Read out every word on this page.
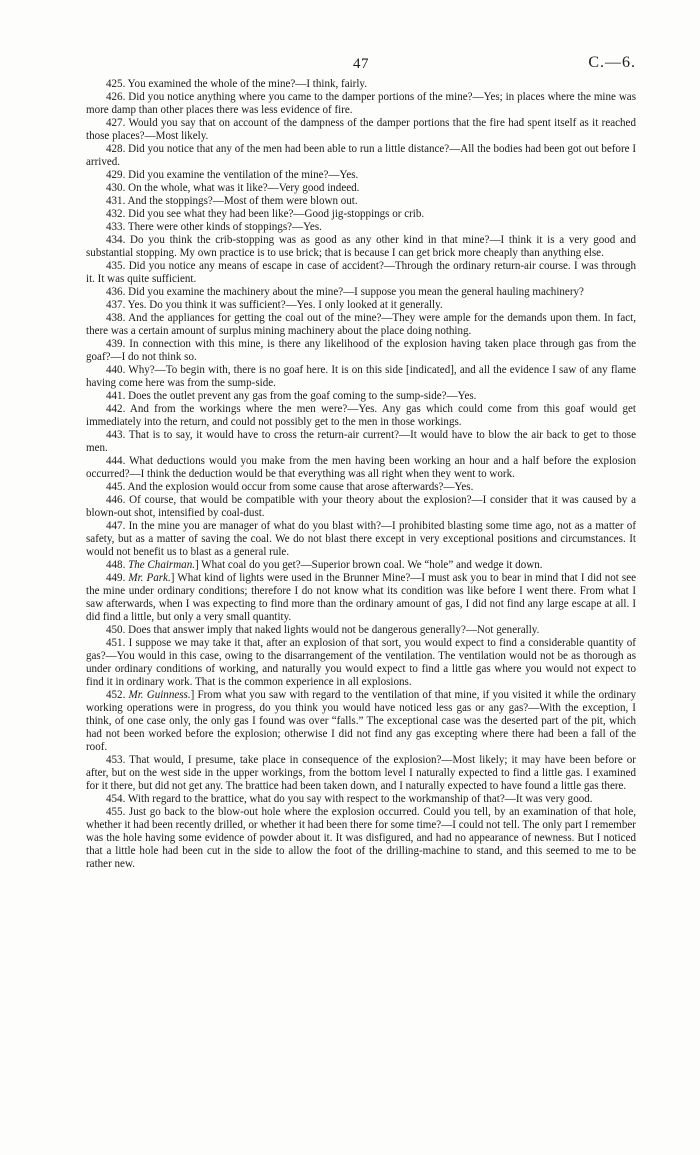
47	C.—6.

425. You examined the whole of the mine?—I think, fairly.

426. Did you notice anything where you came to the damper portions of the mine?—Yes; in places where the mine was more damp than other places there was less evidence of fire.

427. Would you say that on account of the dampness of the damper portions that the fire had spent itself as it reached those places?—Most likely.

428. Did you notice that any of the men had been able to run a little distance?—All the bodies had been got out before I arrived.

429. Did you examine the ventilation of the mine?—Yes.

430. On the whole, what was it like?—Very good indeed.

431. And the stoppings?—Most of them were blown out.

432. Did you see what they had been like?—Good jig-stoppings or crib.

433. There were other kinds of stoppings?—Yes.

434. Do you think the crib-stopping was as good as any other kind in that mine?—I think it is a very good and substantial stopping. My own practice is to use brick; that is because I can get brick more cheaply than anything else.

435. Did you notice any means of escape in case of accident?—Through the ordinary return-air course. I was through it. It was quite sufficient.

436. Did you examine the machinery about the mine?—I suppose you mean the general hauling machinery?

437. Yes. Do you think it was sufficient?—Yes. I only looked at it generally.

438. And the appliances for getting the coal out of the mine?—They were ample for the demands upon them. In fact, there was a certain amount of surplus mining machinery about the place doing nothing.

439. In connection with this mine, is there any likelihood of the explosion having taken place through gas from the goaf?—I do not think so.

440. Why?—To begin with, there is no goaf here. It is on this side [indicated], and all the evidence I saw of any flame having come here was from the sump-side.

441. Does the outlet prevent any gas from the goaf coming to the sump-side?—Yes.

442. And from the workings where the men were?—Yes. Any gas which could come from this goaf would get immediately into the return, and could not possibly get to the men in those workings.

443. That is to say, it would have to cross the return-air current?—It would have to blow the air back to get to those men.

444. What deductions would you make from the men having been working an hour and a half before the explosion occurred?—I think the deduction would be that everything was all right when they went to work.

445. And the explosion would occur from some cause that arose afterwards?—Yes.

446. Of course, that would be compatible with your theory about the explosion?—I consider that it was caused by a blown-out shot, intensified by coal-dust.

447. In the mine you are manager of what do you blast with?—I prohibited blasting some time ago, not as a matter of safety, but as a matter of saving the coal. We do not blast there except in very exceptional positions and circumstances. It would not benefit us to blast as a general rule.

448. The Chairman.] What coal do you get?—Superior brown coal. We “hole” and wedge it down.

449. Mr. Park.] What kind of lights were used in the Brunner Mine?—I must ask you to bear in mind that I did not see the mine under ordinary conditions; therefore I do not know what its condition was like before I went there. From what I saw afterwards, when I was expecting to find more than the ordinary amount of gas, I did not find any large escape at all. I did find a little, but only a very small quantity.

450. Does that answer imply that naked lights would not be dangerous generally?—Not generally.

451. I suppose we may take it that, after an explosion of that sort, you would expect to find a considerable quantity of gas?—You would in this case, owing to the disarrangement of the ventilation. The ventilation would not be as thorough as under ordinary conditions of working, and naturally you would expect to find a little gas where you would not expect to find it in ordinary work. That is the common experience in all explosions.

452. Mr. Guinness.] From what you saw with regard to the ventilation of that mine, if you visited it while the ordinary working operations were in progress, do you think you would have noticed less gas or any gas?—With the exception, I think, of one case only, the only gas I found was over “falls.” The exceptional case was the deserted part of the pit, which had not been worked before the explosion; otherwise I did not find any gas excepting where there had been a fall of the roof.

453. That would, I presume, take place in consequence of the explosion?—Most likely; it may have been before or after, but on the west side in the upper workings, from the bottom level I naturally expected to find a little gas. I examined for it there, but did not get any. The brattice had been taken down, and I naturally expected to have found a little gas there.

454. With regard to the brattice, what do you say with respect to the workmanship of that?—It was very good.

455. Just go back to the blow-out hole where the explosion occurred. Could you tell, by an examination of that hole, whether it had been recently drilled, or whether it had been there for some time?—I could not tell. The only part I remember was the hole having some evidence of powder about it. It was disfigured, and had no appearance of newness. But I noticed that a little hole had been cut in the side to allow the foot of the drilling-machine to stand, and this seemed to me to be rather new.
